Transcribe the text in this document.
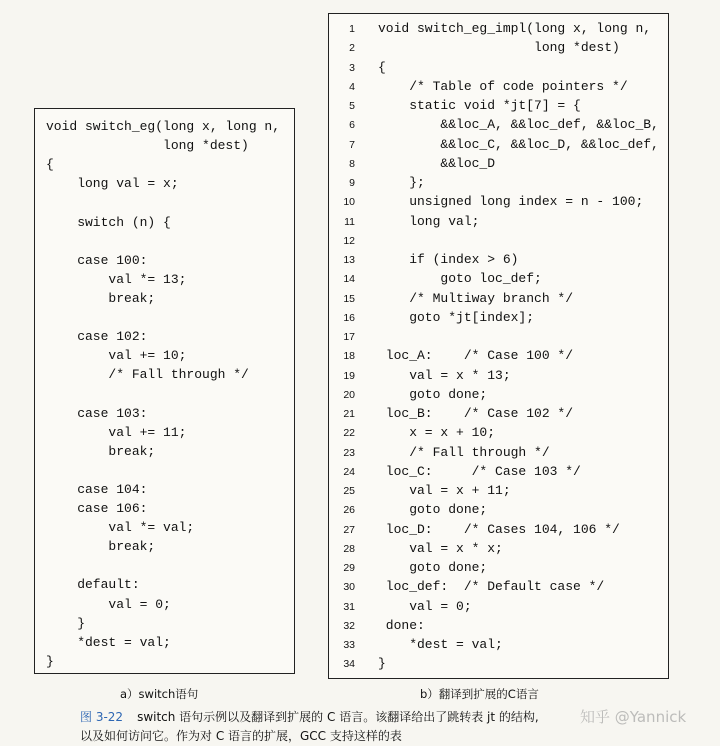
void switch_eg(long x, long n,
long *dest)
{
long val = x;
switch (n) {
case 100:
val *= 13;
break;
case 102:
val += 10;
/* Fall through */
case 103:
val += 11;
break;
case 104:
case 106:
val *= val;
break;
default:
val = 0;
}
*dest = val;
}
1 void switch_eg_impl(long x, long n,
2 long *dest)
3 {
4 /* Table of code pointers */
5 static void *jt[7] = {
6 &&loc_A, &&loc_def, &&loc_B,
7 &&loc_C, &&loc_D, &&loc_def,
8 &&loc_D
9 };
10 unsigned long index = n - 100;
11 long val;
12
13 if (index > 6)
14 goto loc_def;
15 /* Multiway branch */
16 goto *jt[index];
17
18 loc_A:    /* Case 100 */
19 val = x * 13;
20 goto done;
21 loc_B:    /* Case 102 */
22 x = x + 10;
23 /* Fall through */
24 loc_C:     /* Case 103 */
25 val = x + 11;
26 goto done;
27 loc_D:    /* Cases 104, 106 */
28 val = x * x;
29 goto done;
30 loc_def:  /* Default case */
31 val = 0;
32 done:
33 *dest = val;
34 }
a）switch语句	b）翻译到扩展的C语言
图 3-22 switch 语句示例以及翻译到扩展的 C 语言。该翻译给出了跳转表 jt 的结构,
以及如何访问它。作为对 C 语言的扩展，GCC 支持这样的表
知乎 @Yannick
